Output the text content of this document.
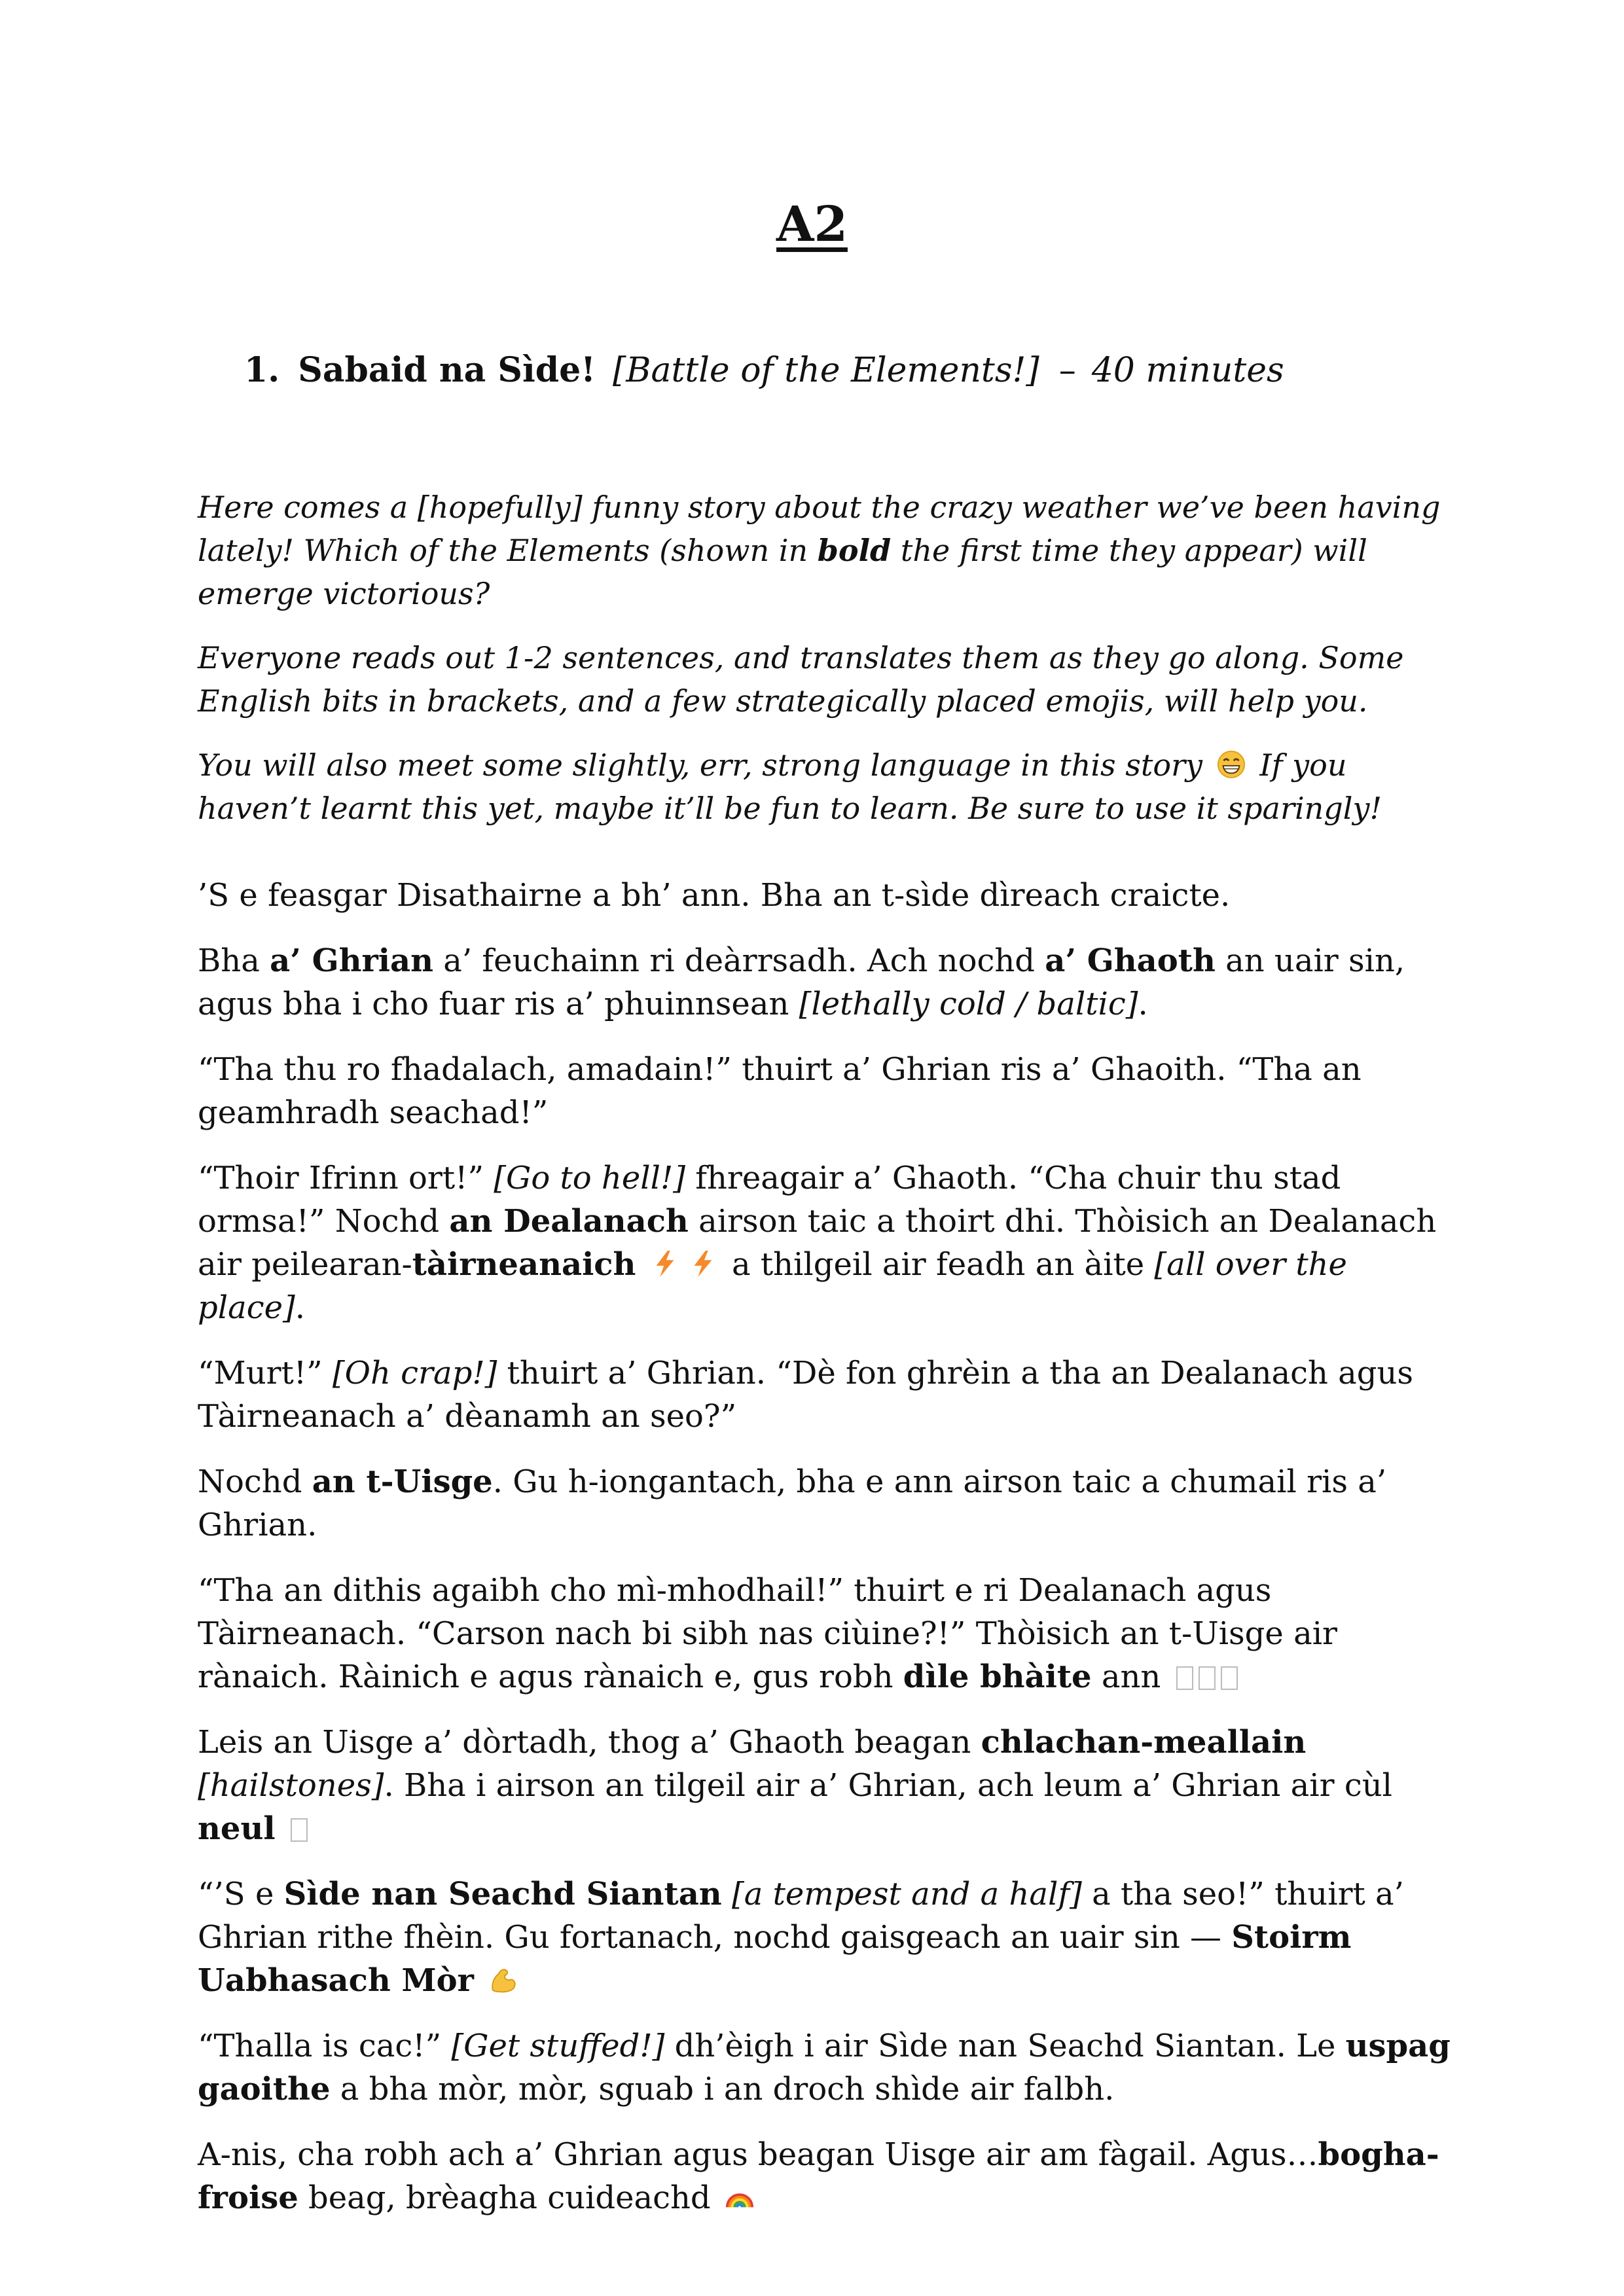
A2
1. Sabaid na Sìde! [Battle of the Elements!] – 40 minutes

Here comes a [hopefully] funny story about the crazy weather we’ve been having lately! Which of the Elements (shown in bold the first time they appear) will emerge victorious?

Everyone reads out 1-2 sentences, and translates them as they go along. Some English bits in brackets, and a few strategically placed emojis, will help you.

You will also meet some slightly, err, strong language in this story If you haven’t learnt this yet, maybe it’ll be fun to learn. Be sure to use it sparingly!

’S e feasgar Disathairne a bh’ ann. Bha an t-sìde dìreach craicte.

Bha a’ Ghrian a’ feuchainn ri deàrrsadh. Ach nochd a’ Ghaoth an uair sin, agus bha i cho fuar ris a’ phuinnsean [lethally cold / baltic].

“Tha thu ro fhadalach, amadain!” thuirt a’ Ghrian ris a’ Ghaoith. “Tha an geamhradh seachad!”

“Thoir Ifrinn ort!” [Go to hell!] fhreagair a’ Ghaoth. “Cha chuir thu stad ormsa!” Nochd an Dealanach airson taic a thoirt dhi. Thòisich an Dealanach air peilearan-tàirneanaich	a thilgeil air feadh an àite [all over the place].

“Murt!” [Oh crap!] thuirt a’ Ghrian. “Dè fon ghrèin a tha an Dealanach agus Tàirneanach a’ dèanamh an seo?”

Nochd an t-Uisge. Gu h-iongantach, bha e ann airson taic a chumail ris a’ Ghrian.

“Tha an dithis agaibh cho mì-mhodhail!” thuirt e ri Dealanach agus Tàirneanach. “Carson nach bi sibh nas ciùine?!” Thòisich an t-Uisge air rànaich. Ràinich e agus rànaich e, gus robh dìle bhàite ann

Leis an Uisge a’ dòrtadh, thog a’ Ghaoth beagan chlachan-meallain [hailstones]. Bha i airson an tilgeil air a’ Ghrian, ach leum a’ Ghrian air cùl neul

“’S e Sìde nan Seachd Siantan [a tempest and a half] a tha seo!” thuirt a’ Ghrian rithe fhèin. Gu fortanach, nochd gaisgeach an uair sin — Stoirm Uabhasach Mòr

“Thalla is cac!” [Get stuffed!] dh’èigh i air Sìde nan Seachd Siantan. Le uspag gaoithe a bha mòr, mòr, sguab i an droch shìde air falbh.

A-nis, cha robh ach a’ Ghrian agus beagan Uisge air am fàgail. Agus…bogha-froise beag, brèagha cuideachd
